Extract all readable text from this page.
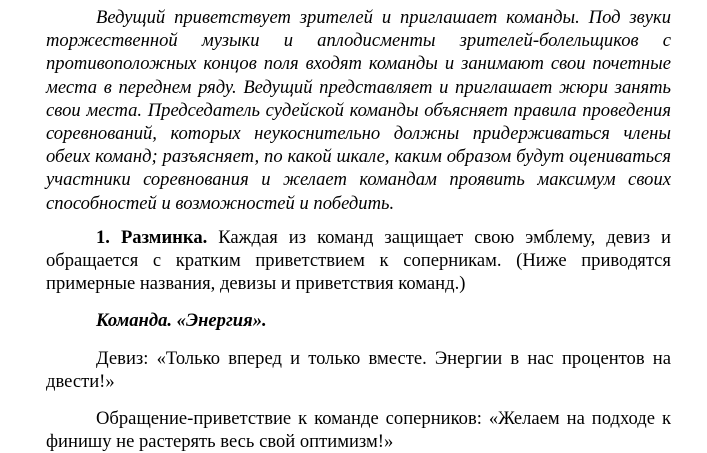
Ведущий приветствует зрителей и приглашает команды. Под звуки торжественной музыки и аплодисменты зрителей-болельщиков с противоположных концов поля входят команды и занимают свои почетные места в переднем ряду. Ведущий представляет и приглашает жюри занять свои места. Председатель судейской команды объясняет правила проведения соревнований, которых неукоснительно должны придерживаться члены обеих команд; разъясняет, по какой шкале, каким образом будут оцениваться участники соревнования и желает командам проявить максимум своих способностей и возможностей и победить.

1. Разминка. Каждая из команд защищает свою эмблему, девиз и обращается с кратким приветствием к соперникам. (Ниже приводятся примерные названия, девизы и приветствия команд.)

Команда. «Энергия».

Девиз: «Только вперед и только вместе. Энергии в нас процентов на двести!»

Обращение-приветствие к команде соперников: «Желаем на подходе к финишу не растерять весь свой оптимизм!»
